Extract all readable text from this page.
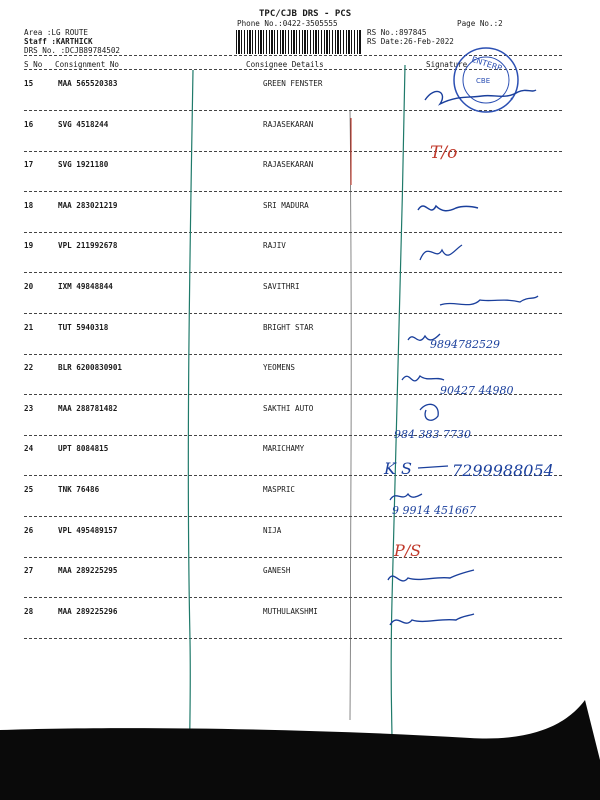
TPC/CJB DRS - PCS
Phone No.:0422-3505555	Page No.:2
Area :LG ROUTE
Staff :KARTHICK
DRS No. :DCJB89784502
RS No.:897845
RS Date:26-Feb-2022
S No Consignment No	Consignee Details	Signature
15	MAA 565520383	GREEN FENSTER
16	SVG 4518244	RAJASEKARAN
17	SVG 1921180	RAJASEKARAN
18	MAA 283021219	SRI MADURA
19	VPL 211992678	RAJIV
20	IXM 49848844	SAVITHRI
21	TUT 5940318	BRIGHT STAR
22	BLR 6200830901	YEOMENS
23	MAA 288781482	SAKTHI AUTO
24	UPT 8084815	MARICHAMY
25	TNK 76486	MASPRIC
26	VPL 495489157	NIJA
27	MAA 289225295	GANESH
28	MAA 289225296	MUTHULAKSHMI
ENTERP
CBE
★
T/o
9894782529
90427 44980
984 383 7730
K S	7299988054
9 9914 451667
P/S
